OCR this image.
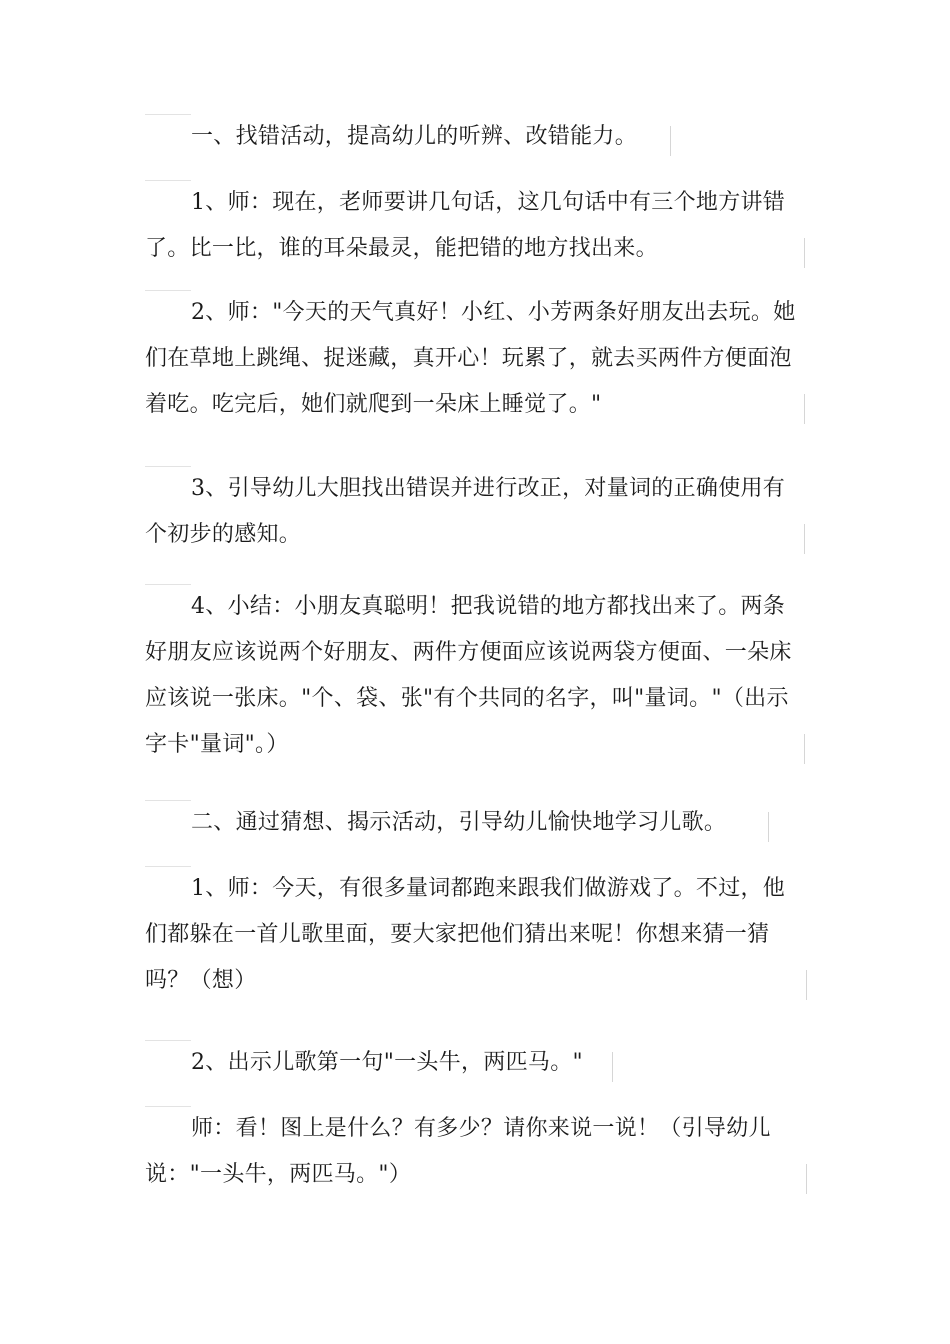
一、找错活动，提高幼儿的听辨、改错能力。

1、师：现在，老师要讲几句话，这几句话中有三个地方讲错了。比一比，谁的耳朵最灵，能把错的地方找出来。

2、师："今天的天气真好！小红、小芳两条好朋友出去玩。她们在草地上跳绳、捉迷藏，真开心！玩累了，就去买两件方便面泡着吃。吃完后，她们就爬到一朵床上睡觉了。"

3、引导幼儿大胆找出错误并进行改正，对量词的正确使用有个初步的感知。

4、小结：小朋友真聪明！把我说错的地方都找出来了。两条好朋友应该说两个好朋友、两件方便面应该说两袋方便面、一朵床应该说一张床。"个、袋、张"有个共同的名字，叫"量词。"（出示字卡"量词"。）

二、通过猜想、揭示活动，引导幼儿愉快地学习儿歌。

1、师：今天，有很多量词都跑来跟我们做游戏了。不过，他们都躲在一首儿歌里面，要大家把他们猜出来呢！你想来猜一猜吗？（想）

2、出示儿歌第一句"一头牛，两匹马。"

师：看！图上是什么？有多少？请你来说一说！（引导幼儿说："一头牛，两匹马。"）
